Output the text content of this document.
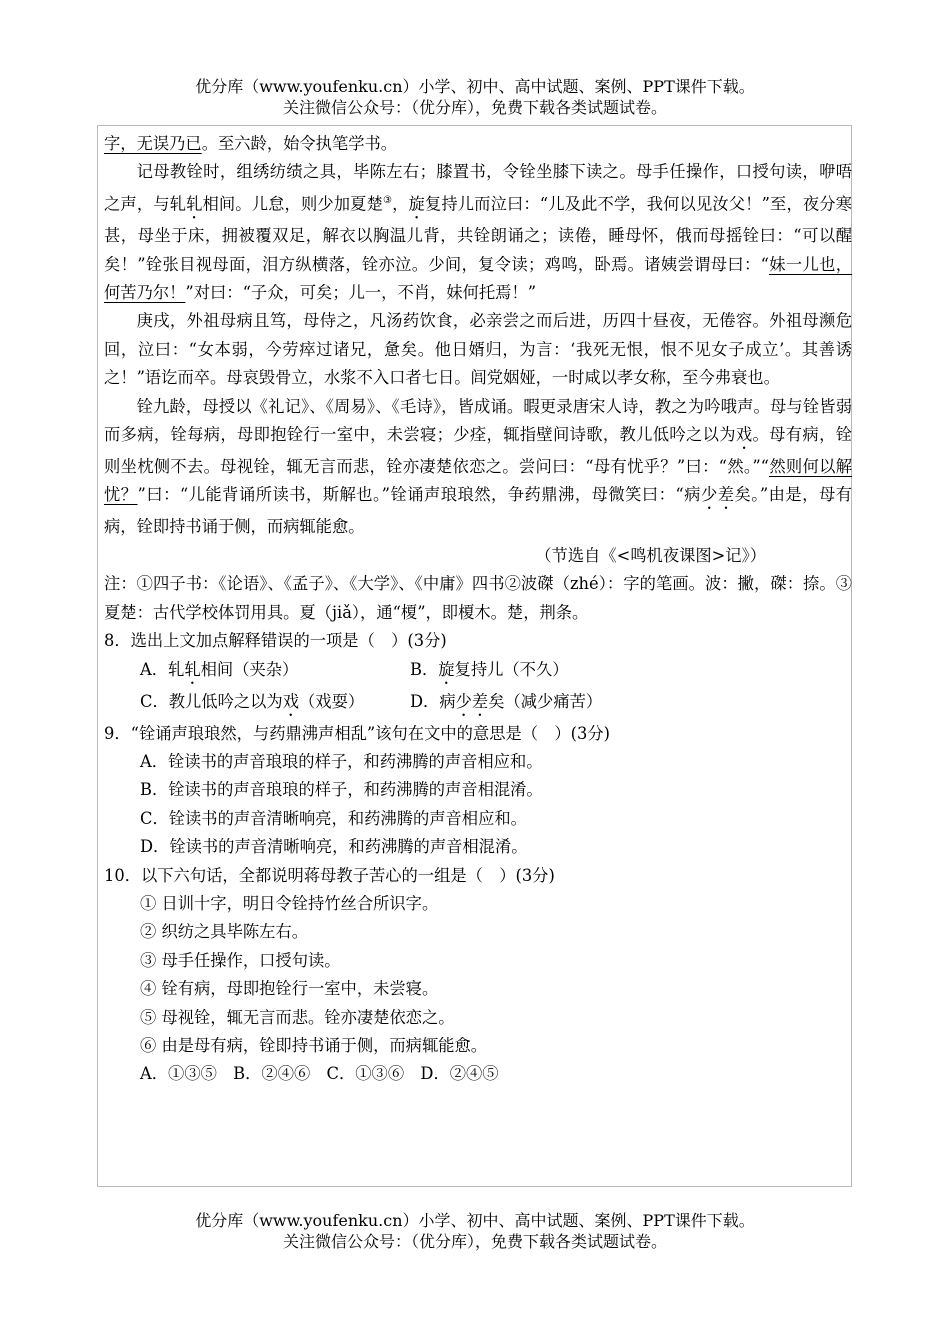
优分库（www.youfenku.cn）小学、初中、高中试题、案例、PPT课件下载。
关注微信公众号：（优分库），免费下载各类试题试卷。

字，无误乃已。至六龄，始令执笔学书。

记母教铨时，组绣纺绩之具，毕陈左右；膝置书，令铨坐膝下读之。母手任操作，口授句读，咿唔之声，与轧轧相间。儿怠，则少加夏楚③，旋复持儿而泣曰：“儿及此不学，我何以见汝父！”至，夜分寒甚，母坐于床，拥被覆双足，解衣以胸温儿背，共铨朗诵之；读倦，睡母怀，俄而母摇铨曰：“可以醒矣！”铨张目视母面，泪方纵横落，铨亦泣。少间，复令读；鸡鸣，卧焉。诸姨尝谓母曰：“妹一儿也，何苦乃尔！”对曰：“子众，可矣；儿一，不肖，妹何托焉！”

庚戌，外祖母病且笃，母侍之，凡汤药饮食，必亲尝之而后进，历四十昼夜，无倦容。外祖母濒危回，泣曰：“女本弱，今劳瘁过诸兄，惫矣。他日婿归，为言：‘我死无恨，恨不见女子成立’。其善诱之！”语讫而卒。母哀毁骨立，水浆不入口者七日。闾党姻娅，一时咸以孝女称，至今弗衰也。

铨九龄，母授以《礼记》、《周易》、《毛诗》，皆成诵。暇更录唐宋人诗，教之为吟哦声。母与铨皆弱而多病，铨每病，母即抱铨行一室中，未尝寝；少痊，辄指壁间诗歌，教儿低吟之以为戏。母有病，铨则坐枕侧不去。母视铨，辄无言而悲，铨亦凄楚依恋之。尝问曰：“母有忧乎？”曰：“然。”“然则何以解忧？”曰：“儿能背诵所读书，斯解也。”铨诵声琅琅然，争药鼎沸，母微笑曰：“病少差矣。”由是，母有病，铨即持书诵于侧，而病辄能愈。

（节选自《<鸣机夜课图>记》）

注：①四子书：《论语》、《孟子》、《大学》、《中庸》四书②波磔（zhé）：字的笔画。波：撇，磔：捺。③夏楚：古代学校体罚用具。夏（jiǎ），通“榎”，即榎木。楚，荆条。

8．选出上文加点解释错误的一项是（　）(3分)

A．轧轧相间（夹杂）	B．旋复持儿（不久）
C．教儿低吟之以为戏（戏耍）	D．病少差矣（减少痛苦）

9．“铨诵声琅琅然，与药鼎沸声相乱”该句在文中的意思是（　）(3分)

A．铨读书的声音琅琅的样子，和药沸腾的声音相应和。

B．铨读书的声音琅琅的样子，和药沸腾的声音相混淆。

C．铨读书的声音清晰响亮，和药沸腾的声音相应和。

D．铨读书的声音清晰响亮，和药沸腾的声音相混淆。

10．以下六句话，全都说明蒋母教子苦心的一组是（　）(3分)

① 日训十字，明日令铨持竹丝合所识字。

② 织纺之具毕陈左右。

③ 母手任操作，口授句读。

④ 铨有病，母即抱铨行一室中，未尝寝。

⑤ 母视铨，辄无言而悲。铨亦凄楚依恋之。

⑥ 由是母有病，铨即持书诵于侧，而病辄能愈。

A．①③⑤　B．②④⑥　C．①③⑥　D．②④⑤

优分库（www.youfenku.cn）小学、初中、高中试题、案例、PPT课件下载。
关注微信公众号：（优分库），免费下载各类试题试卷。
